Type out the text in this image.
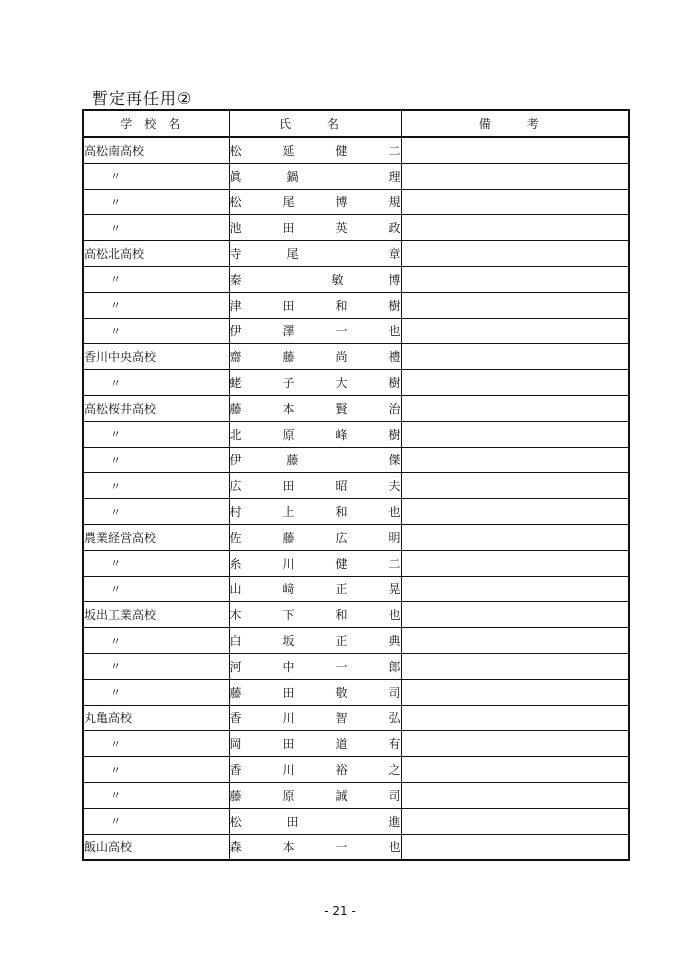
暫定再任用②
学校名	氏　名	備　考
高松南高校	松 延 健 二	

〃	眞 鍋 理	

〃	松 尾 博 規	

〃	池 田 英 政	

高松北高校	寺 尾 章	

〃	秦 敏 博	

〃	津 田 和 樹	

〃	伊 澤 一 也	

香川中央高校	齋 藤 尚 禮	

〃	蛯 子 大 樹	

高松桜井高校	藤 本 賢 治	

〃	北 原 峰 樹	

〃	伊 藤 傑	

〃	広 田 昭 夫	

〃	村 上 和 也	

農業経営高校	佐 藤 広 明	

〃	糸 川 健 二	

〃	山 﨑 正 晃	

坂出工業高校	木 下 和 也	

〃	白 坂 正 典	

〃	河 中 一 郎	

〃	藤 田 敬 司	

丸亀高校	香 川 智 弘	

〃	岡 田 道 有	

〃	香 川 裕 之	

〃	藤 原 誠 司	

〃	松 田 進	

飯山高校	森 本 一 也	

- 21 -
